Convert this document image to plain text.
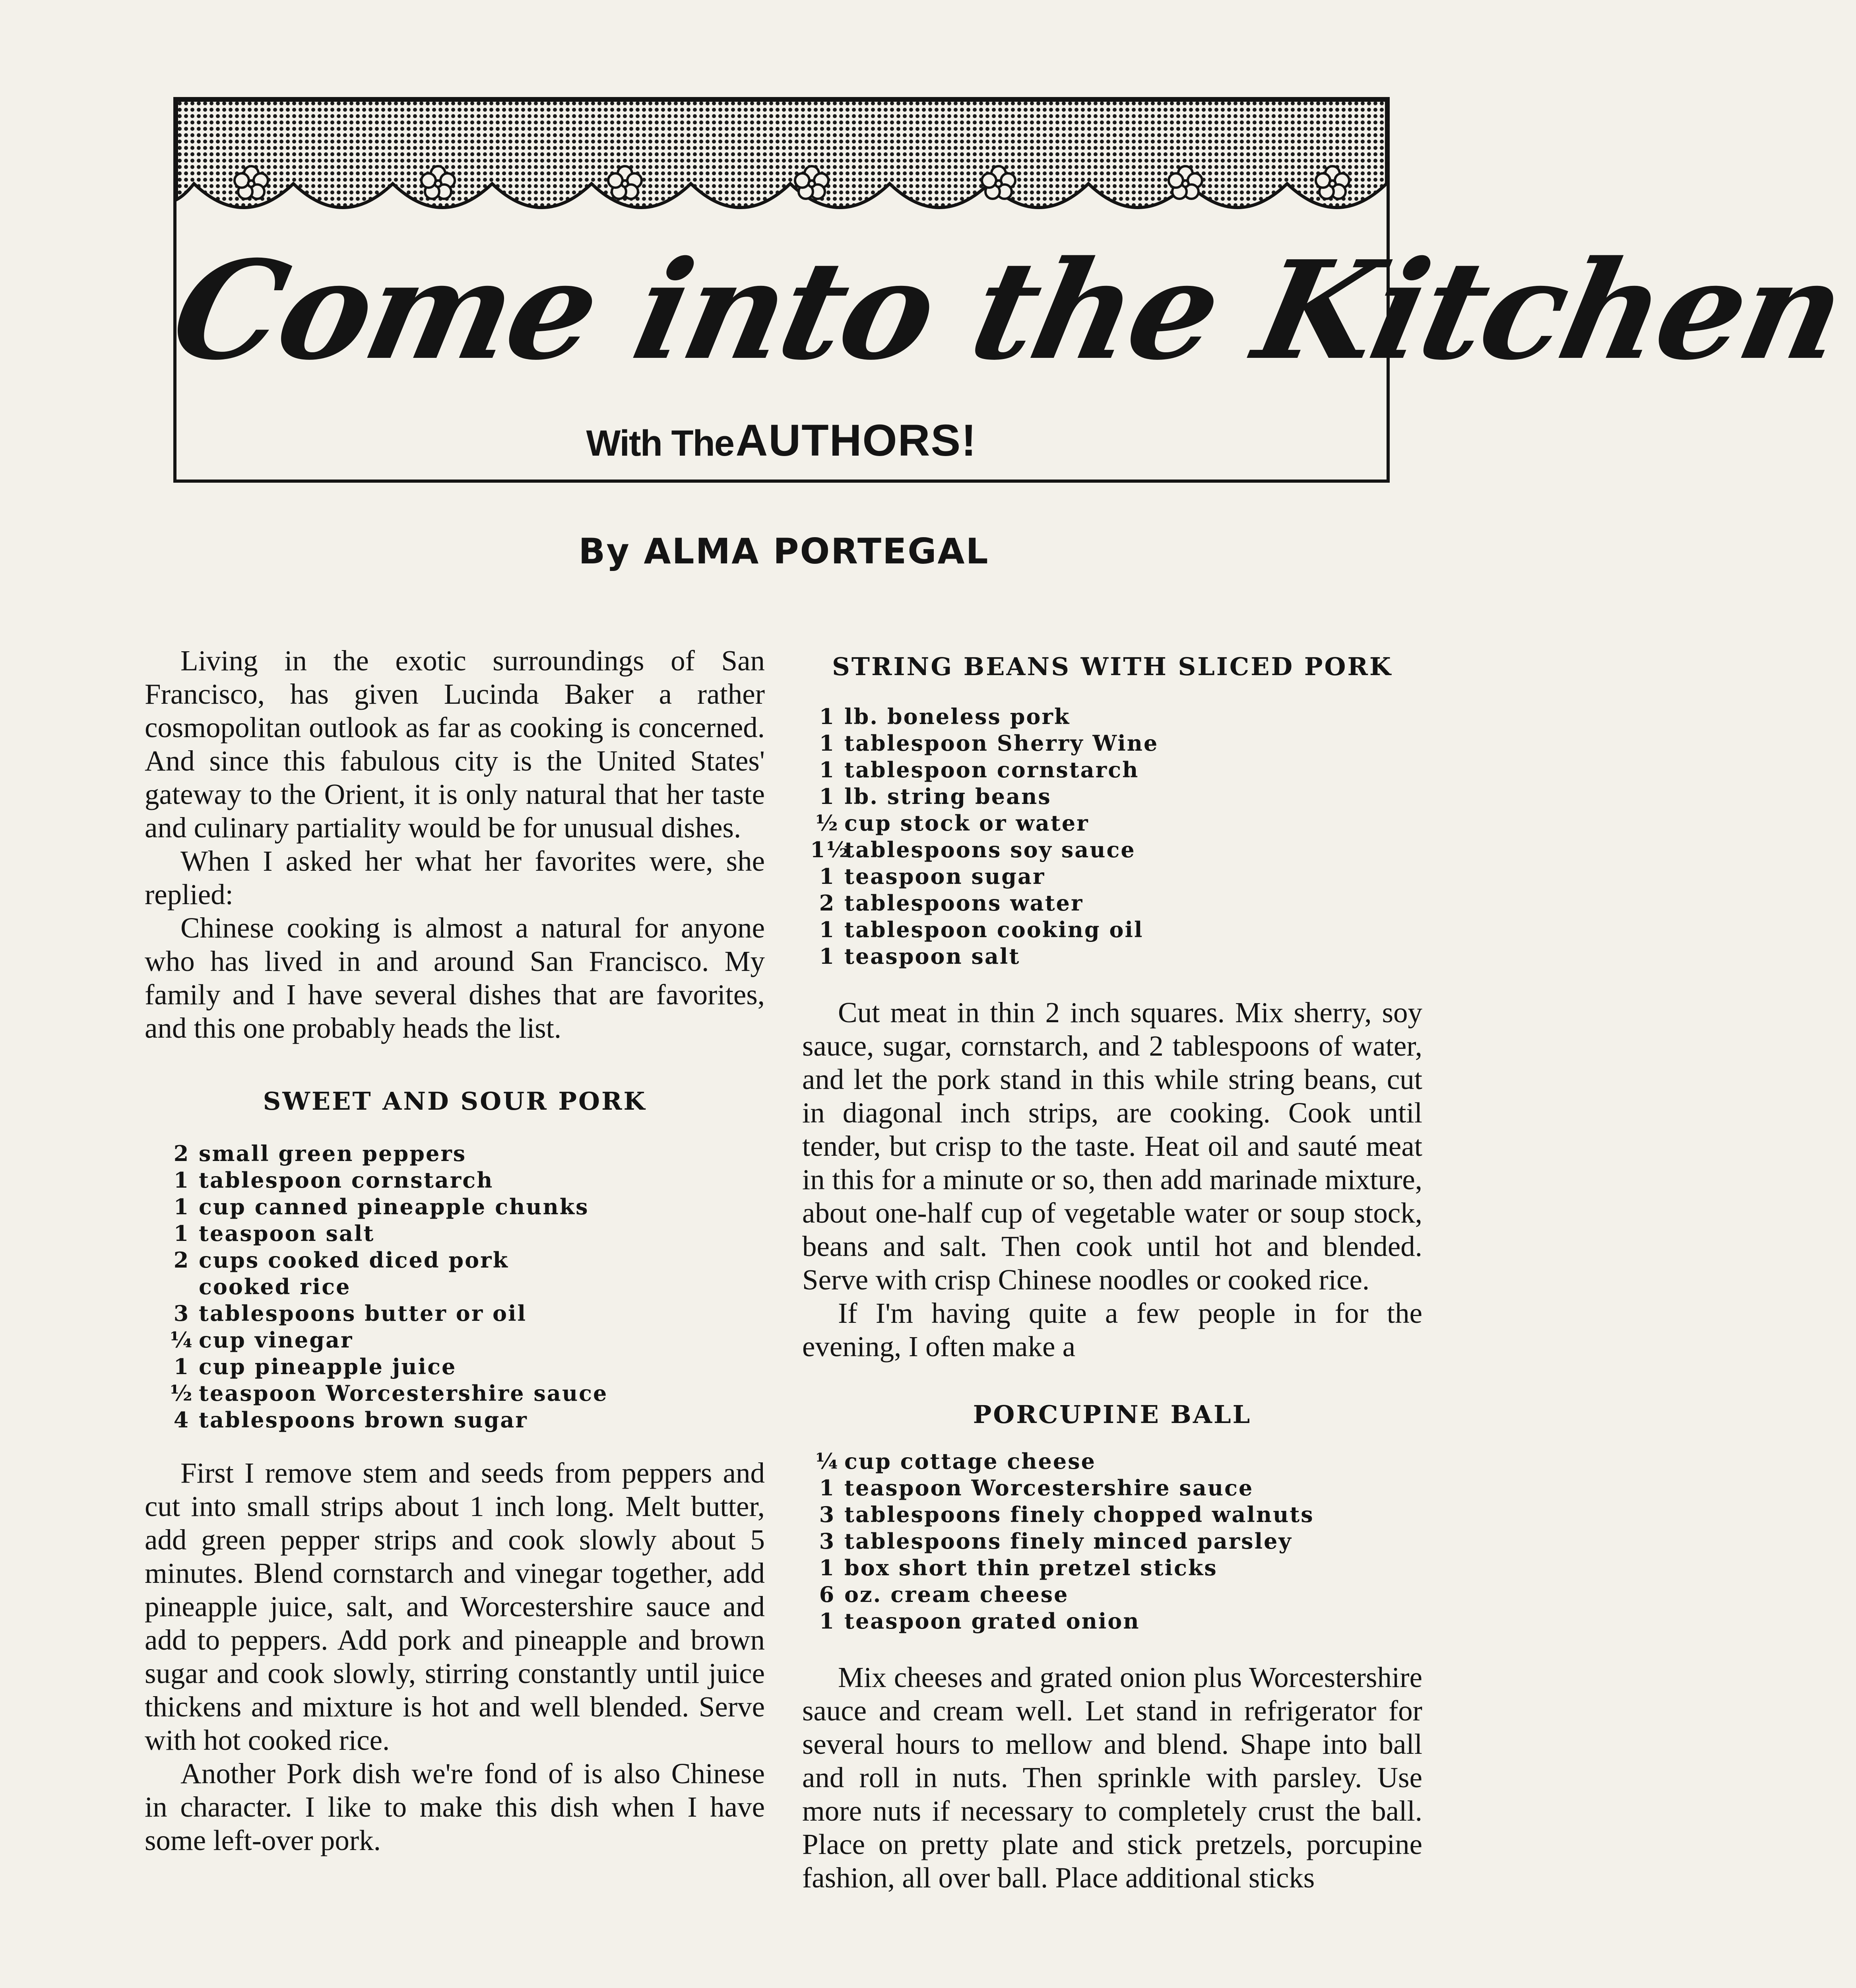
Come into the Kitchen
With The AUTHORS!
By ALMA PORTEGAL

Living in the exotic surroundings of San Francisco, has given Lucinda Baker a rather cosmopolitan outlook as far as cooking is concerned. And since this fabulous city is the United States' gateway to the Orient, it is only natural that her taste and culinary partiality would be for unusual dishes.

When I asked her what her favorites were, she replied:

Chinese cooking is almost a natural for anyone who has lived in and around San Francisco. My family and I have several dishes that are favorites, and this one probably heads the list.

SWEET AND SOUR PORK
2 small green peppers
1 tablespoon cornstarch
1 cup canned pineapple chunks
1 teaspoon salt
2 cups cooked diced pork
cooked rice
3 tablespoons butter or oil
¼ cup vinegar
1 cup pineapple juice
½ teaspoon Worcestershire sauce
4 tablespoons brown sugar

First I remove stem and seeds from peppers and cut into small strips about 1 inch long. Melt butter, add green pepper strips and cook slowly about 5 minutes. Blend cornstarch and vinegar together, add pineapple juice, salt, and Worcestershire sauce and add to peppers. Add pork and pineapple and brown sugar and cook slowly, stirring constantly until juice thickens and mixture is hot and well blended. Serve with hot cooked rice.

Another Pork dish we're fond of is also Chinese in character. I like to make this dish when I have some left-over pork.

STRING BEANS WITH SLICED PORK
1 lb. boneless pork
1 tablespoon Sherry Wine
1 tablespoon cornstarch
1 lb. string beans
½ cup stock or water
1½
tablespoons soy sauce
1 teaspoon sugar
2 tablespoons water
1 tablespoon cooking oil
1 teaspoon salt

Cut meat in thin 2 inch squares. Mix sherry, soy sauce, sugar, cornstarch, and 2 tablespoons of water, and let the pork stand in this while string beans, cut in diagonal inch strips, are cooking. Cook until tender, but crisp to the taste. Heat oil and sauté meat in this for a minute or so, then add marinade mixture, about one-half cup of vegetable water or soup stock, beans and salt. Then cook until hot and blended. Serve with crisp Chinese noodles or cooked rice.

If I'm having quite a few people in for the evening, I often make a

PORCUPINE BALL
¼ cup cottage cheese
1 teaspoon Worcestershire sauce
3 tablespoons finely chopped walnuts
3 tablespoons finely minced parsley
1 box short thin pretzel sticks
6 oz. cream cheese
1 teaspoon grated onion

Mix cheeses and grated onion plus Worcestershire sauce and cream well. Let stand in refrigerator for several hours to mellow and blend. Shape into ball and roll in nuts. Then sprinkle with parsley. Use more nuts if necessary to completely crust the ball. Place on pretty plate and stick pretzels, porcupine fashion, all over ball. Place additional sticks
